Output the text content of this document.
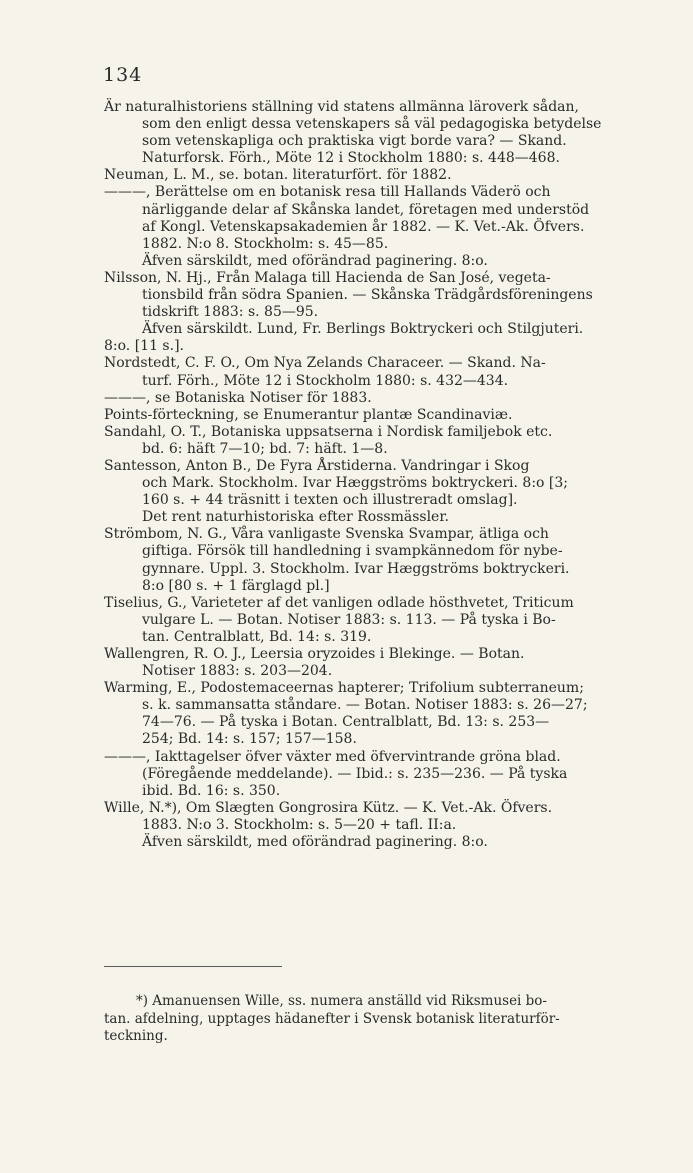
134
Är naturalhistoriens ställning vid statens allmänna läroverk sådan,
som den enligt dessa vetenskapers så väl pedagogiska betydelse
som vetenskapliga och praktiska vigt borde vara? — Skand.
Naturforsk. Förh., Möte 12 i Stockholm 1880: s. 448—468.
Neuman, L. M., se. botan. literaturfört. för 1882.
———, Berättelse om en botanisk resa till Hallands Väderö och
närliggande delar af Skånska landet, företagen med understöd
af Kongl. Vetenskapsakademien år 1882. — K. Vet.-Ak. Öfvers.
1882. N:o 8. Stockholm: s. 45—85.
Äfven särskildt, med oförändrad paginering. 8:o.
Nilsson, N. Hj., Från Malaga till Hacienda de San José, vegeta-
tionsbild från södra Spanien. — Skånska Trädgårdsföreningens
tidskrift 1883: s. 85—95.
Äfven särskildt. Lund, Fr. Berlings Boktryckeri och Stilgjuteri.
8:o. [11 s.].
Nordstedt, C. F. O., Om Nya Zelands Characeer. — Skand. Na-
turf. Förh., Möte 12 i Stockholm 1880: s. 432—434.
———, se Botaniska Notiser för 1883.
Points-förteckning, se Enumerantur plantæ Scandinaviæ.
Sandahl, O. T., Botaniska uppsatserna i Nordisk familjebok etc.
bd. 6: häft 7—10; bd. 7: häft. 1—8.
Santesson, Anton B., De Fyra Årstiderna. Vandringar i Skog
och Mark. Stockholm. Ivar Hæggströms boktryckeri. 8:o [3;
160 s. + 44 träsnitt i texten och illustreradt omslag].
Det rent naturhistoriska efter Rossmässler.
Strömbom, N. G., Våra vanligaste Svenska Svampar, ätliga och
giftiga. Försök till handledning i svampkännedom för nybe-
gynnare. Uppl. 3. Stockholm. Ivar Hæggströms boktryckeri.
8:o [80 s. + 1 färglagd pl.]
Tiselius, G., Varieteter af det vanligen odlade hösthvetet, Triticum
vulgare L. — Botan. Notiser 1883: s. 113. — På tyska i Bo-
tan. Centralblatt, Bd. 14: s. 319.
Wallengren, R. O. J., Leersia oryzoides i Blekinge. — Botan.
Notiser 1883: s. 203—204.
Warming, E., Podostemaceernas hapterer; Trifolium subterraneum;
s. k. sammansatta ståndare. — Botan. Notiser 1883: s. 26—27;
74—76. — På tyska i Botan. Centralblatt, Bd. 13: s. 253—
254; Bd. 14: s. 157; 157—158.
———, Iakttagelser öfver växter med öfvervintrande gröna blad.
(Föregående meddelande). — Ibid.: s. 235—236. — På tyska
ibid. Bd. 16: s. 350.
Wille, N.*), Om Slægten Gongrosira Kütz. — K. Vet.-Ak. Öfvers.
1883. N:o 3. Stockholm: s. 5—20 + tafl. II:a.
Äfven särskildt, med oförändrad paginering. 8:o.
*) Amanuensen Wille, ss. numera anställd vid Riksmusei bo-
tan. afdelning, upptages hädanefter i Svensk botanisk literaturför-
teckning.
